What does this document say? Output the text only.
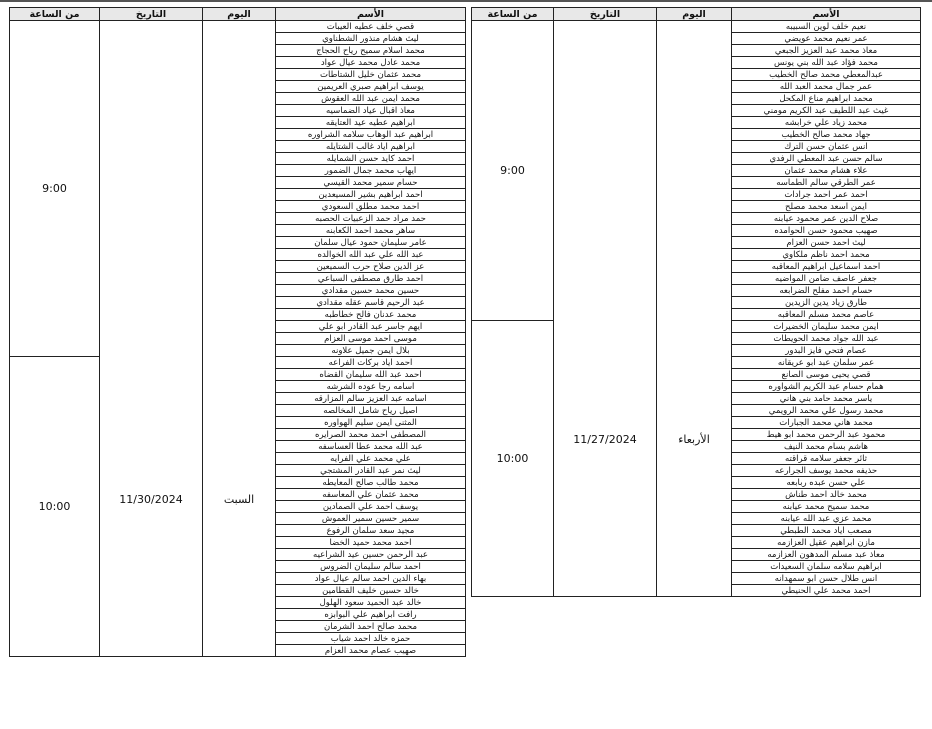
من الساعة	التاريخ	اليوم	الأسم
9:00	11/30/2024	السبت	قصي خلف عطيه العيبات
			ليث هشام منذور الشطناوي
			محمد اسلام سميح رياح الحجاج
			محمد عادل محمد عيال عواد
			محمد عثمان خليل الشتاطات
			يوسف ابراهيم صبري العريمين
			محمد ايمن عبد الله العقوش
			معاذ اقبال عياد الضماسيه
			ابراهيم عطيه عيد العتايقه
			ابراهيم عبد الوهاب سلامه الشراوره
			ابراهيم اياد غالب الشتايله
			احمد كايد حسن الشمايله
			ايهاب محمد جمال الضمور
			حسام سمير محمد القيسي
			احمد ابراهيم بشير المسيعدين
			احمد محمد مطلق السعودي
			حمد مراد حمد الزعبيات الحصبه
			ساهر محمد احمد الكعابنه
			عامر سليمان حمود عيال سلمان
			عبد الله علي عبد الله الخوالده
			عز الدين صلاح حرب السميعين
			احمد طارق مصطفى السباعي
			حسين محمد حسين مقدادي
			عبد الرحيم قاسم عقله مقدادي
			محمد عدنان فالح خطاطبه
			ايهم جاسر عبد القادر ابو علي
			موسى احمد موسى العزام
			بلال ايمن جميل علاونه
10:00			احمد اياد بركات الفراعه
			احمد عبد الله سليمان القضاه
			اسامه رجا عوده الشرشه
			اسامه عبد العزيز سالم المزارقه
			اصيل رياح شامل المخالصه
			المثنى ايمن سليم الهواوره
			المصطفى احمد محمد الصرايره
			عبد الله محمد عطا العساسفه
			علي محمد علي الفرايه
			ليث نمر عبد القادر المشتجي
			محمد طالب صالح المعايطه
			محمد عثمان علي المعاسفه
			يوسف احمد علي الصمادين
			سمير حسين سمير العموش
			مجيد سعد سلمان الرفوع
			احمد محمد حميد الخضا
			عبد الرحمن حسين عيد الشراعيه
			احمد سالم سليمان الضروس
			بهاء الدين احمد سالم عيال عواد
			خالد حسين خليف القطامين
			خالد عبد الحميد سعود الهلول
			رافت ابراهيم علي البوابزه
			محمد صالح احمد الشرمان
			حمزه خالد احمد شياب
			صهيب عصام محمد العزام
من الساعة	التاريخ	اليوم	الأسم
9:00	11/27/2024	الأربعاء	نعيم خلف لوين السبيبه
			عمر نعيم محمد عويضي
			معاذ محمد عبد العزيز الجبعي
			محمد فؤاد عبد الله بني يونس
			عبدالمعطي محمد صالح الخطيب
			عمر جمال محمد العبد الله
			محمد ابراهيم مناع المكحل
			غيث عبد اللطيف عبد الكريم مومني
			محمد زياد علي خرابشه
			جهاد محمد صالح الخطيب
			انس عثمان حسن الترك
			سالم حسن عبد المعطي الرفدي
			علاء هشام محمد عثمان
			عمر الطرقي سالم الطماسه
			احمد عمر احمد جرادات
			ايمن اسعد محمد مصلح
			صلاح الدين عمر محمود عيابنه
			صهيب محمود حسن الحوامده
			ليث احمد حسن العزام
			محمد احمد ناظم ملكاوي
			احمد اسماعيل ابراهيم المعاقبه
			جعفر عاصف ضامن المواضيه
			حسام احمد مفلح الضرابعه
			طارق زياد يدين الزيدين
			عاصم محمد مسلم المعاقبه
10:00			ايمن محمد سليمان الخضيرات
			عبد الله جواد محمد الحويطات
			عصام فتحي فايز البدور
			عمر سلمان عبد ابو عريقانه
			قصي يحيى موسى الصانع
			همام حسام عبد الكريم الشواوره
			ياسر محمد حامد بني هاني
			محمد رسول علي محمد الرويمي
			محمد هاني محمد الجبارات
			محمود عبد الرحمن محمد ابو هيط
			هاشم بسام محمد النيف
			ثائر جعفر سلامه قراقته
			حذيفه محمد يوسف الجرارعه
			علي حسن عبده ربابعه
			محمد خالد احمد طناش
			محمد سميح محمد عيابنه
			محمد عزي عبد الله عيابنه
			مصعب اياد محمد الطبطي
			مازن ابراهيم عقيل العزازمه
			معاذ عبد مسلم المدهون العزازمه
			ابراهيم سلامه سلمان السعيدات
			انس طلال حسن ابو سمهدانه
			احمد محمد علي الحنيطي
